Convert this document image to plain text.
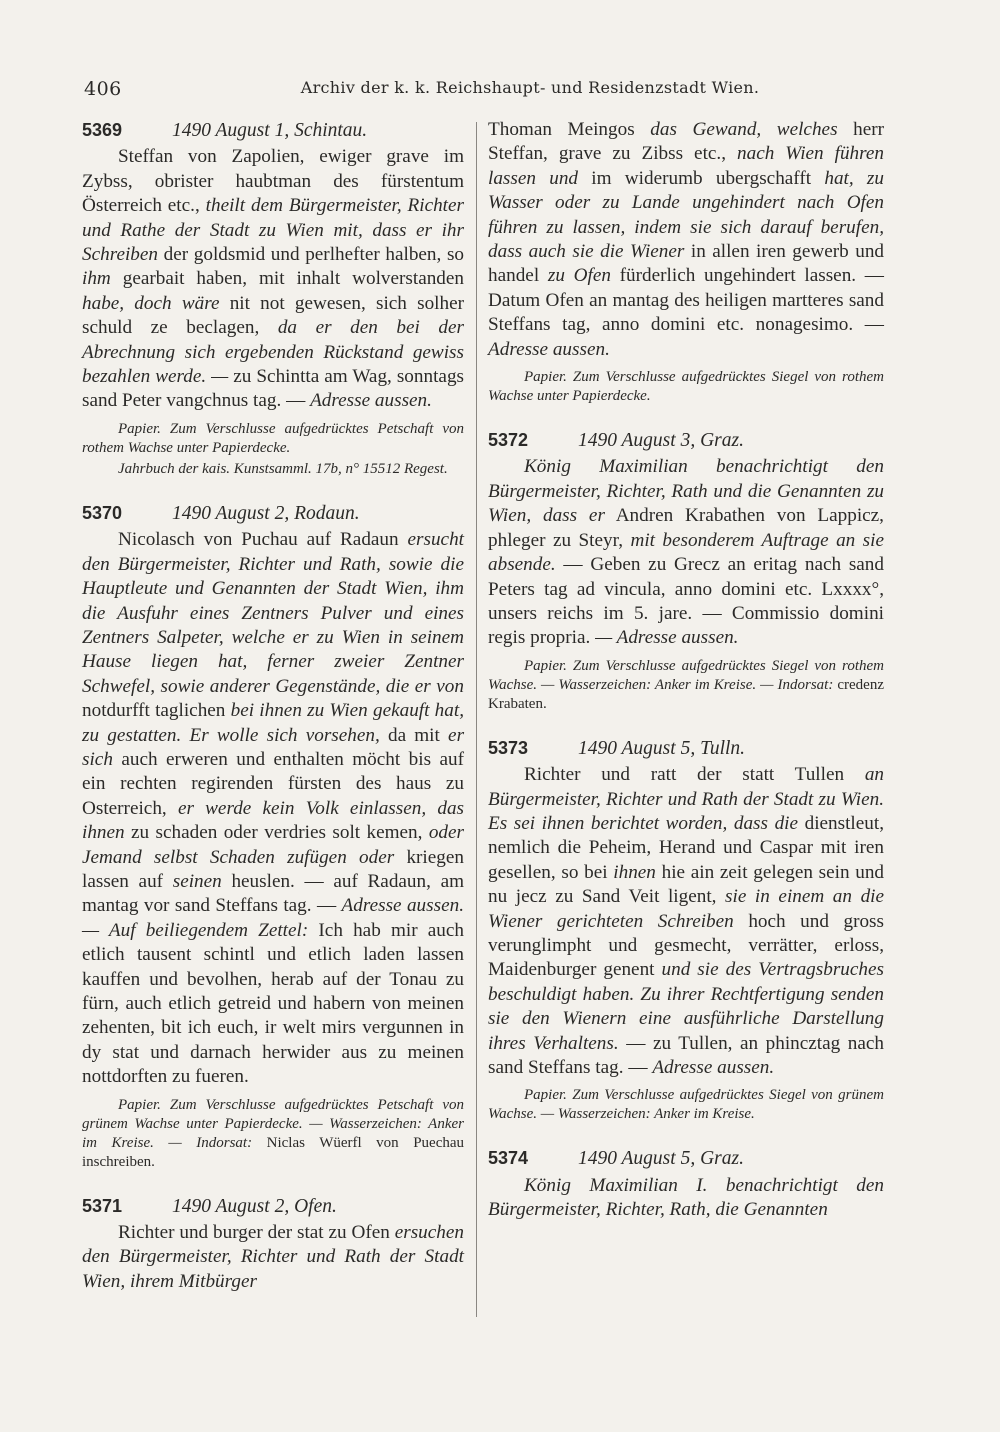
406	Archiv der k. k. Reichshaupt- und Residenzstadt Wien.
5369	1490 August 1, Schintau.

Steffan von Zapolien, ewiger grave im Zybss, obrister haubtman des fürstentum Österreich etc., theilt dem Bürgermeister, Richter und Rathe der Stadt zu Wien mit, dass er ihr Schreiben der goldsmid und perlhefter halben, so ihm gearbait haben, mit inhalt wolverstanden habe, doch wäre nit not gewesen, sich solher schuld ze beclagen, da er den bei der Abrechnung sich ergebenden Rückstand gewiss bezahlen werde. — zu Schintta am Wag, sonntags sand Peter vangchnus tag. — Adresse aussen.

Papier. Zum Verschlusse aufgedrücktes Petschaft von rothem Wachse unter Papierdecke.

Jahrbuch der kais. Kunstsamml. 17b, n° 15512 Regest.

5370	1490 August 2, Rodaun.

Nicolasch von Puchau auf Radaun ersucht den Bürgermeister, Richter und Rath, sowie die Hauptleute und Genannten der Stadt Wien, ihm die Ausfuhr eines Zentners Pulver und eines Zentners Salpeter, welche er zu Wien in seinem Hause liegen hat, ferner zweier Zentner Schwefel, sowie anderer Gegenstände, die er von notdurfft taglichen bei ihnen zu Wien gekauft hat, zu gestatten. Er wolle sich vorsehen, da mit er sich auch erweren und enthalten möcht bis auf ein rechten regirenden fürsten des haus zu Osterreich, er werde kein Volk einlassen, das ihnen zu schaden oder verdries solt kemen, oder Jemand selbst Schaden zufügen oder kriegen lassen auf seinen heuslen. — auf Radaun, am mantag vor sand Steffans tag. — Adresse aussen. — Auf beiliegendem Zettel: Ich hab mir auch etlich tausent schintl und etlich laden lassen kauffen und bevolhen, herab auf der Tonau zu fürn, auch etlich getreid und habern von meinen zehenten, bit ich euch, ir welt mirs vergunnen in dy stat und darnach herwider aus zu meinen nottdorften zu fueren.

Papier. Zum Verschlusse aufgedrücktes Petschaft von grünem Wachse unter Papierdecke. — Wasserzeichen: Anker im Kreise. — Indorsat: Niclas Wüerfl von Puechau inschreiben.

5371	1490 August 2, Ofen.

Richter und burger der stat zu Ofen ersuchen den Bürgermeister, Richter und Rath der Stadt Wien, ihrem Mitbürger

Thoman Meingos das Gewand, welches herr Steffan, grave zu Zibss etc., nach Wien führen lassen und im widerumb ubergschafft hat, zu Wasser oder zu Lande ungehindert nach Ofen führen zu lassen, indem sie sich darauf berufen, dass auch sie die Wiener in allen iren gewerb und handel zu Ofen fürderlich ungehindert lassen. — Datum Ofen an mantag des heiligen martteres sand Steffans tag, anno domini etc. nonagesimo. — Adresse aussen.

Papier. Zum Verschlusse aufgedrücktes Siegel von rothem Wachse unter Papierdecke.

5372	1490 August 3, Graz.

König Maximilian benachrichtigt den Bürgermeister, Richter, Rath und die Genannten zu Wien, dass er Andren Krabathen von Lappicz, phleger zu Steyr, mit besonderem Auftrage an sie absende. — Geben zu Grecz an eritag nach sand Peters tag ad vincula, anno domini etc. Lxxxx°, unsers reichs im 5. jare. — Commissio domini regis propria. — Adresse aussen.

Papier. Zum Verschlusse aufgedrücktes Siegel von rothem Wachse. — Wasserzeichen: Anker im Kreise. — Indorsat: credenz Krabaten.

5373	1490 August 5, Tulln.

Richter und ratt der statt Tullen an Bürgermeister, Richter und Rath der Stadt zu Wien. Es sei ihnen berichtet worden, dass die dienstleut, nemlich die Peheim, Herand und Caspar mit iren gesellen, so bei ihnen hie ain zeit gelegen sein und nu jecz zu Sand Veit ligent, sie in einem an die Wiener gerichteten Schreiben hoch und gross verunglimpht und gesmecht, verrätter, erloss, Maidenburger genent und sie des Vertragsbruches beschuldigt haben. Zu ihrer Rechtfertigung senden sie den Wienern eine ausführliche Darstellung ihres Verhaltens. — zu Tullen, an phincztag nach sand Steffans tag. — Adresse aussen.

Papier. Zum Verschlusse aufgedrücktes Siegel von grünem Wachse. — Wasserzeichen: Anker im Kreise.

5374	1490 August 5, Graz.

König Maximilian I. benachrichtigt den Bürgermeister, Richter, Rath, die Genannten
